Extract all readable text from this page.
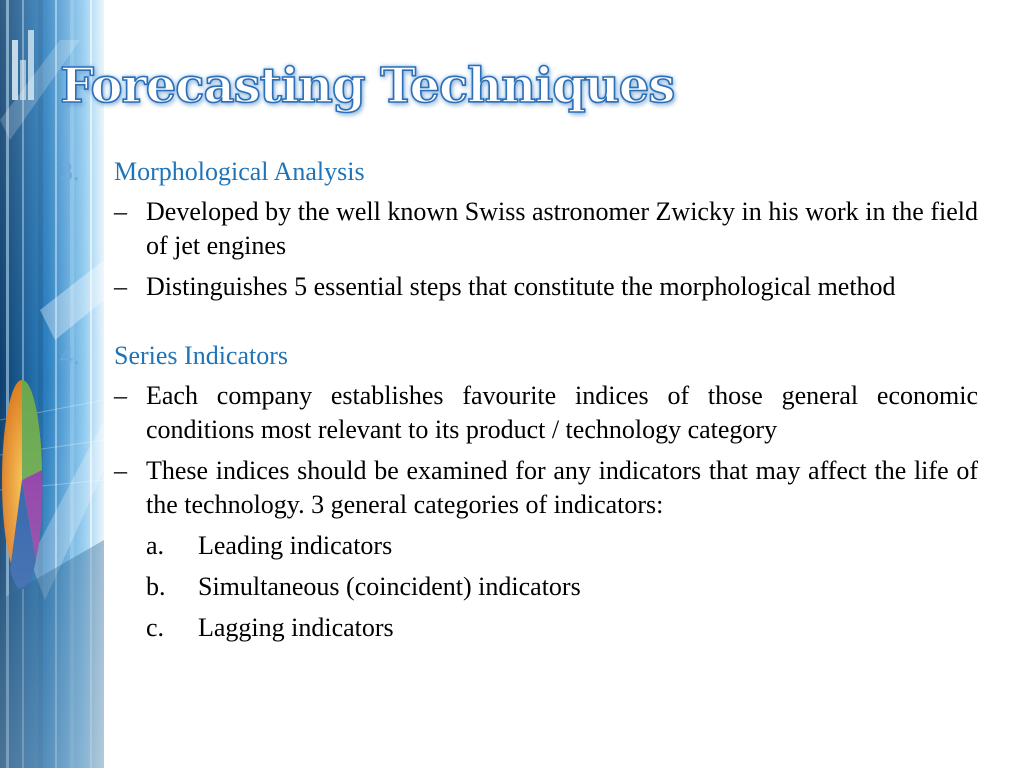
Forecasting Techniques
3. Morphological Analysis
– Developed by the well known Swiss astronomer Zwicky in his work in the field of jet engines
– Distinguishes 5 essential steps that constitute the morphological method
4. Series Indicators
– Each company establishes favourite indices of those general economic conditions most relevant to its product / technology category
– These indices should be examined for any indicators that may affect the life of the technology. 3 general categories of indicators:
a. Leading indicators
b. Simultaneous (coincident) indicators
c. Lagging indicators
